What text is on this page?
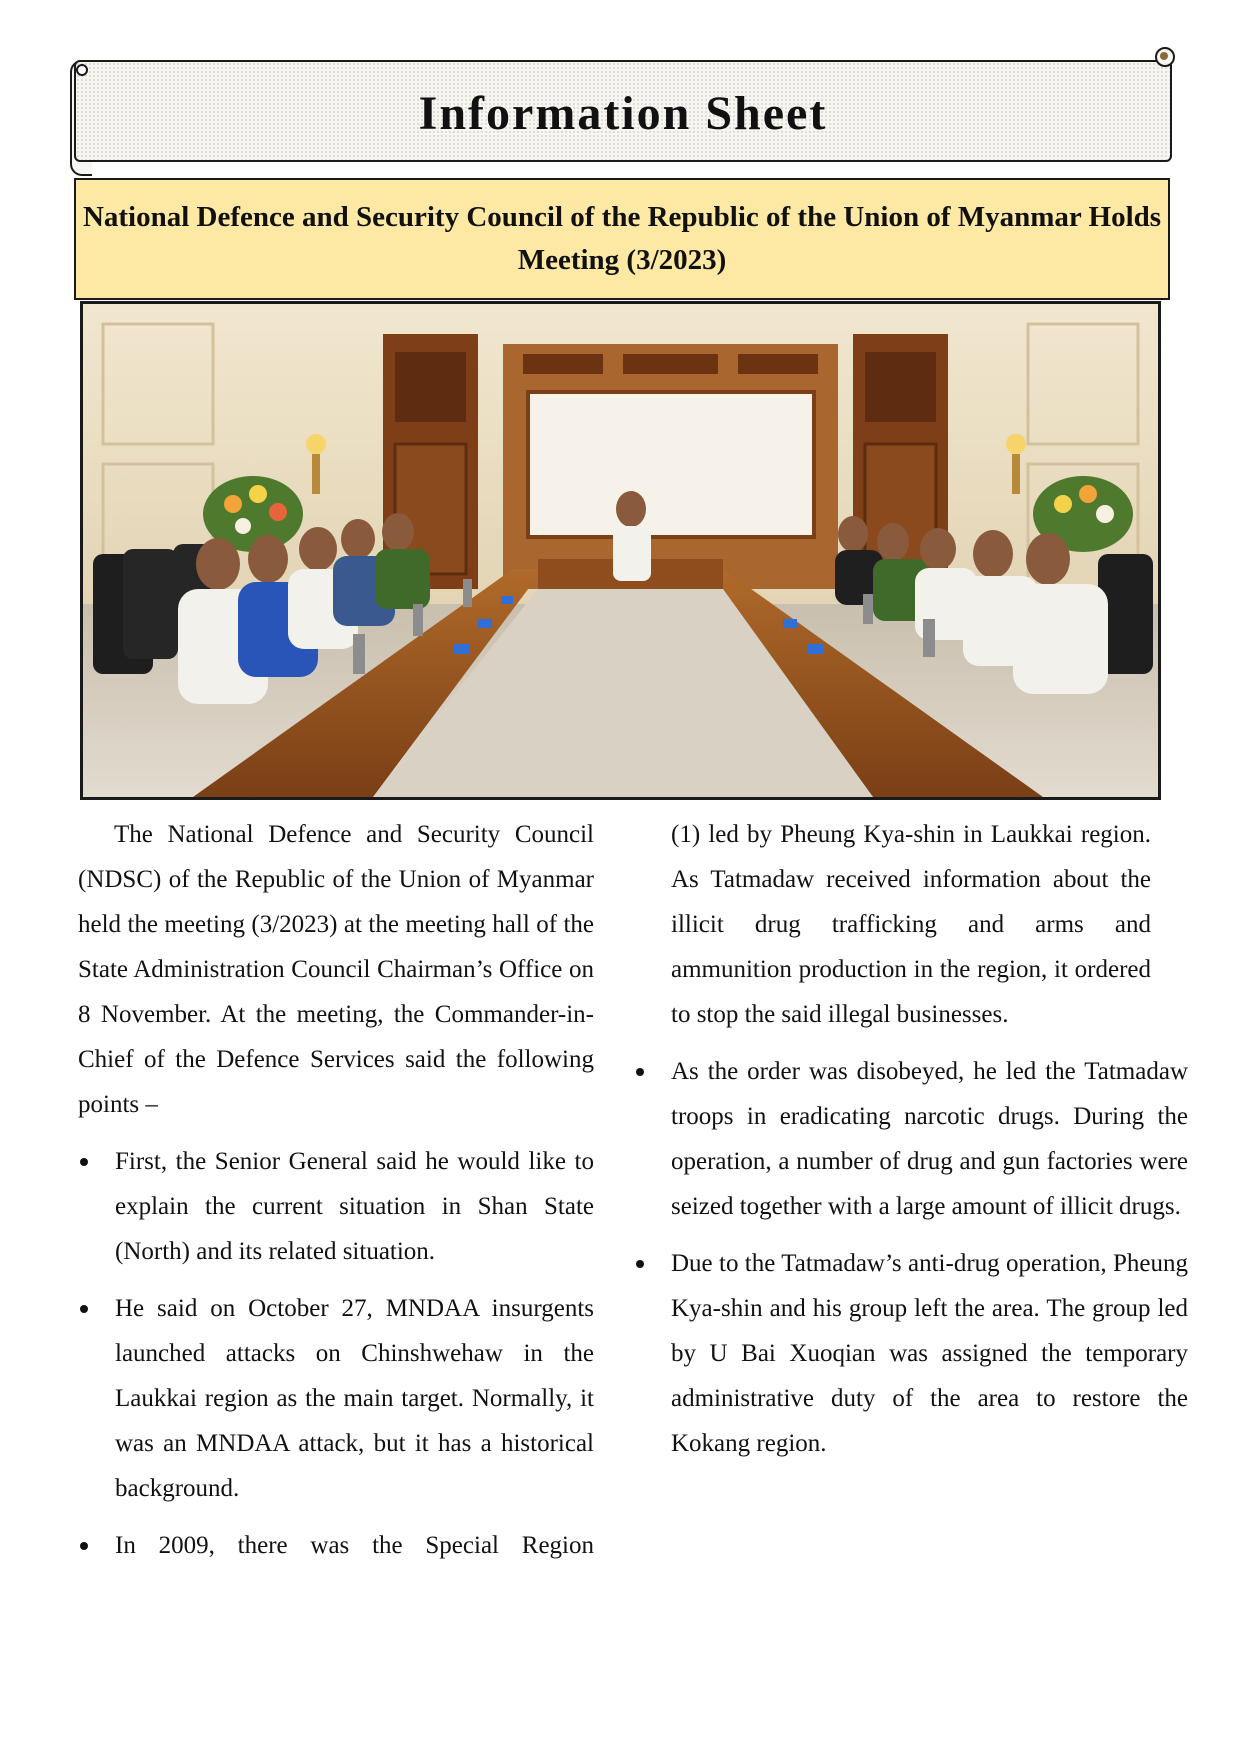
Information Sheet
National Defence and Security Council of the Republic of the Union of Myanmar Holds Meeting (3/2023)

The National Defence and Security Council (NDSC) of the Republic of the Union of Myanmar held the meeting (3/2023) at the meeting hall of the State Administration Council Chairman’s Office on 8 November. At the meeting, the Commander-in-Chief of the Defence Services said the following points –

First, the Senior General said he would like to explain the current situation in Shan State (North) and its related situation.

He said on October 27, MNDAA insurgents launched attacks on Chinshwehaw in the Laukkai region as the main target. Normally, it was an MNDAA attack, but it has a historical background.

In 2009, there was the Special Region

(1) led by Pheung Kya-shin in Laukkai region. As Tatmadaw received information about the illicit drug trafficking and arms and ammunition production in the region, it ordered to stop the said illegal businesses.

As the order was disobeyed, he led the Tatmadaw troops in eradicating narcotic drugs. During the operation, a number of drug and gun factories were seized together with a large amount of illicit drugs.

Due to the Tatmadaw’s anti-drug operation, Pheung Kya-shin and his group left the area. The group led by U Bai Xuoqian was assigned the temporary administrative duty of the area to restore the Kokang region.
